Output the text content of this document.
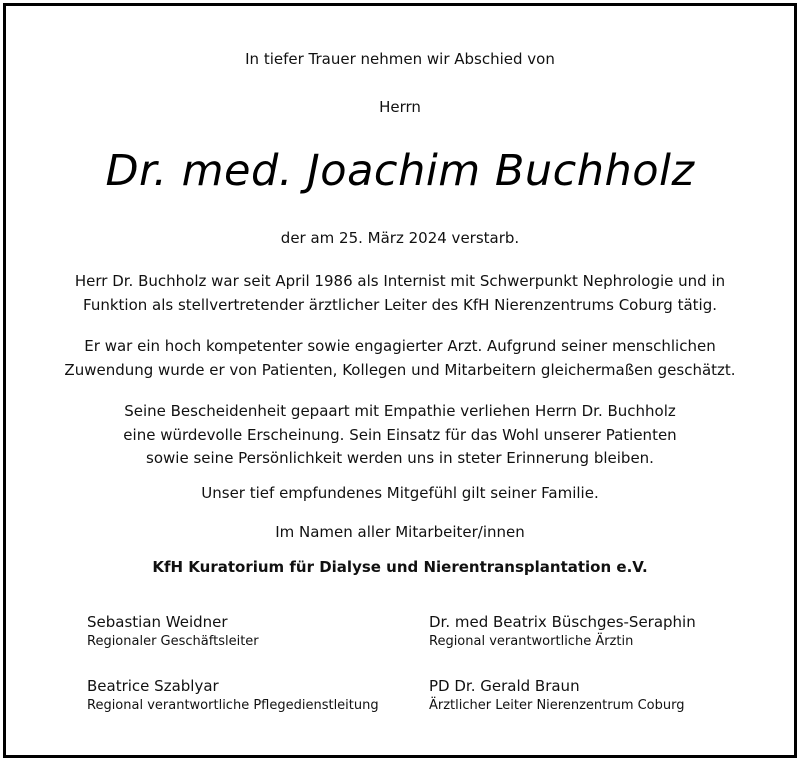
In tiefer Trauer nehmen wir Abschied von
Herrn
Dr. med. Joachim Buchholz
der am 25. März 2024 verstarb.
Herr Dr. Buchholz war seit April 1986 als Internist mit Schwerpunkt Nephrologie und in
Funktion als stellvertretender ärztlicher Leiter des KfH Nierenzentrums Coburg tätig.
Er war ein hoch kompetenter sowie engagierter Arzt. Aufgrund seiner menschlichen
Zuwendung wurde er von Patienten, Kollegen und Mitarbeitern gleichermaßen geschätzt.
Seine Bescheidenheit gepaart mit Empathie verliehen Herrn Dr. Buchholz
eine würdevolle Erscheinung. Sein Einsatz für das Wohl unserer Patienten
sowie seine Persönlichkeit werden uns in steter Erinnerung bleiben.
Unser tief empfundenes Mitgefühl gilt seiner Familie.
Im Namen aller Mitarbeiter/innen
KfH Kuratorium für Dialyse und Nierentransplantation e.V.
Sebastian Weidner
Regionaler Geschäftsleiter
Dr. med Beatrix Büschges-Seraphin
Regional verantwortliche Ärztin
Beatrice Szablyar
Regional verantwortliche Pflegedienstleitung
PD Dr. Gerald Braun
Ärztlicher Leiter Nierenzentrum Coburg
